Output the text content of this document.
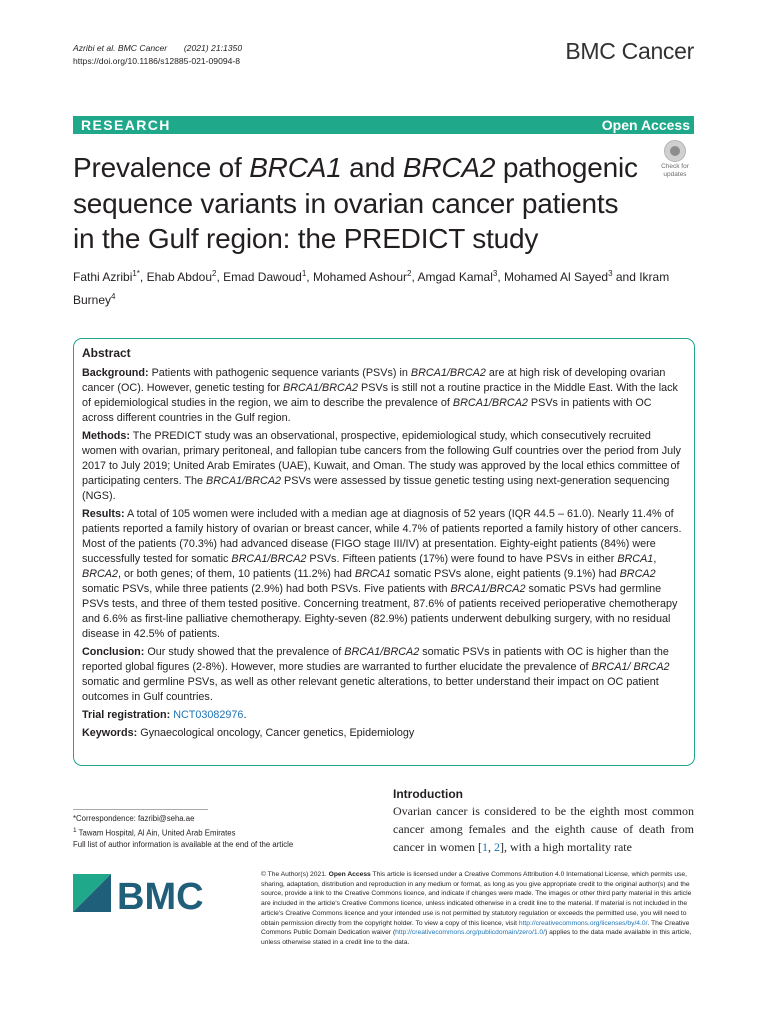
Azribi et al. BMC Cancer (2021) 21:1350
https://doi.org/10.1186/s12885-021-09094-8	BMC Cancer
RESEARCH	Open Access
Check for
updates
Prevalence of BRCA1 and BRCA2 pathogenic sequence variants in ovarian cancer patients in the Gulf region: the PREDICT study
Fathi Azribi$^{1*}$, Ehab Abdou$^2$, Emad Dawoud$^1$, Mohamed Ashour$^2$, Amgad Kamal$^3$, Mohamed Al Sayed$^3$ and Ikram Burney$^4$
Abstract

Background: Patients with pathogenic sequence variants (PSVs) in BRCA1/BRCA2 are at high risk of developing ovarian cancer (OC). However, genetic testing for BRCA1/BRCA2 PSVs is still not a routine practice in the Middle East. With the lack of epidemiological studies in the region, we aim to describe the prevalence of BRCA1/BRCA2 PSVs in patients with OC across different countries in the Gulf region.

Methods: The PREDICT study was an observational, prospective, epidemiological study, which consecutively recruited women with ovarian, primary peritoneal, and fallopian tube cancers from the following Gulf countries over the period from July 2017 to July 2019; United Arab Emirates (UAE), Kuwait, and Oman. The study was approved by the local ethics committee of participating centers. The BRCA1/BRCA2 PSVs were assessed by tissue genetic testing using next-generation sequencing (NGS).

Results: A total of 105 women were included with a median age at diagnosis of 52 years (IQR 44.5 – 61.0). Nearly 11.4% of patients reported a family history of ovarian or breast cancer, while 4.7% of patients reported a family history of other cancers. Most of the patients (70.3%) had advanced disease (FIGO stage III/IV) at presentation. Eighty-eight patients (84%) were successfully tested for somatic BRCA1/BRCA2 PSVs. Fifteen patients (17%) were found to have PSVs in either BRCA1, BRCA2, or both genes; of them, 10 patients (11.2%) had BRCA1 somatic PSVs alone, eight patients (9.1%) had BRCA2 somatic PSVs, while three patients (2.9%) had both PSVs. Five patients with BRCA1/BRCA2 somatic PSVs had germline PSVs tests, and three of them tested positive. Concerning treatment, 87.6% of patients received perioperative chemotherapy and 6.6% as first-line palliative chemotherapy. Eighty-seven (82.9%) patients underwent debulking surgery, with no residual disease in 42.5% of patients.

Conclusion: Our study showed that the prevalence of BRCA1/BRCA2 somatic PSVs in patients with OC is higher than the reported global figures (2-8%). However, more studies are warranted to further elucidate the prevalence of BRCA1/ BRCA2 somatic and germline PSVs, as well as other relevant genetic alterations, to better understand their impact on OC patient outcomes in Gulf countries.

Trial registration: NCT03082976.

Keywords: Gynaecological oncology, Cancer genetics, Epidemiology

*Correspondence: fazribi@seha.ae
$^1$ Tawam Hospital, Al Ain, United Arab Emirates
Full list of author information is available at the end of the article
Introduction
Ovarian cancer is considered to be the eighth most common cancer among females and the eighth cause of death from cancer in women [1, 2], with a high mortality rate
BMC
© The Author(s) 2021. Open Access This article is licensed under a Creative Commons Attribution 4.0 International License, which permits use, sharing, adaptation, distribution and reproduction in any medium or format, as long as you give appropriate credit to the original author(s) and the source, provide a link to the Creative Commons licence, and indicate if changes were made. The images or other third party material in this article are included in the article's Creative Commons licence, unless indicated otherwise in a credit line to the material. If material is not included in the article's Creative Commons licence and your intended use is not permitted by statutory regulation or exceeds the permitted use, you will need to obtain permission directly from the copyright holder. To view a copy of this licence, visit http://creativecommons.org/licenses/by/4.0/. The Creative Commons Public Domain Dedication waiver (http://creativecommons.org/publicdomain/zero/1.0/) applies to the data made available in this article, unless otherwise stated in a credit line to the data.
